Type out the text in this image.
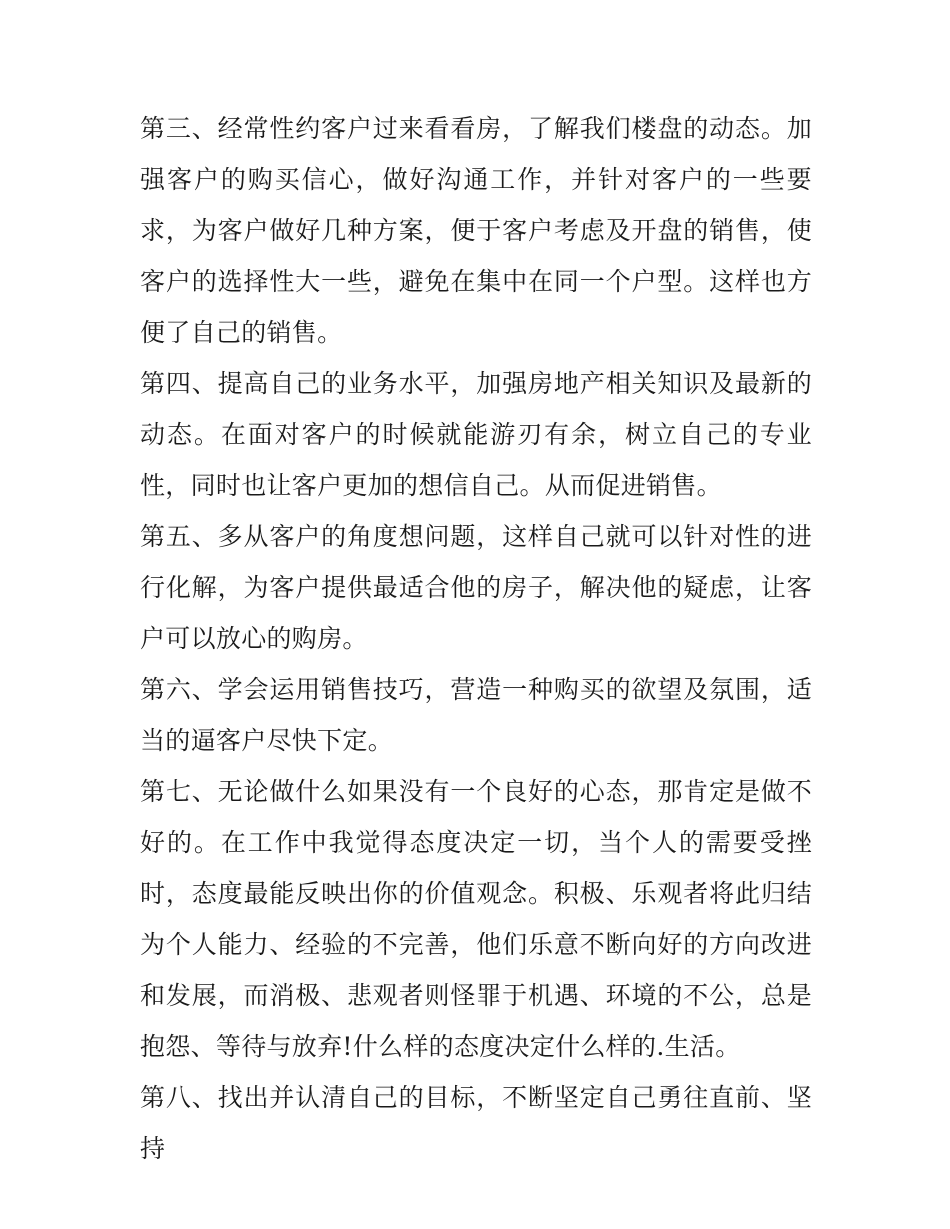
第三、经常性约客户过来看看房，了解我们楼盘的动态。加强客户的购买信心，做好沟通工作，并针对客户的一些要求，为客户做好几种方案，便于客户考虑及开盘的销售，使客户的选择性大一些，避免在集中在同一个户型。这样也方便了自己的销售。

第四、提高自己的业务水平，加强房地产相关知识及最新的动态。在面对客户的时候就能游刃有余，树立自己的专业性，同时也让客户更加的想信自己。从而促进销售。

第五、多从客户的角度想问题，这样自己就可以针对性的进行化解，为客户提供最适合他的房子，解决他的疑虑，让客户可以放心的购房。

第六、学会运用销售技巧，营造一种购买的欲望及氛围，适当的逼客户尽快下定。

第七、无论做什么如果没有一个良好的心态，那肯定是做不好的。在工作中我觉得态度决定一切，当个人的需要受挫时，态度最能反映出你的价值观念。积极、乐观者将此归结为个人能力、经验的不完善，他们乐意不断向好的方向改进和发展，而消极、悲观者则怪罪于机遇、环境的不公，总是抱怨、等待与放弃!什么样的态度决定什么样的.生活。

第八、找出并认清自己的目标，不断坚定自己勇往直前、坚持
